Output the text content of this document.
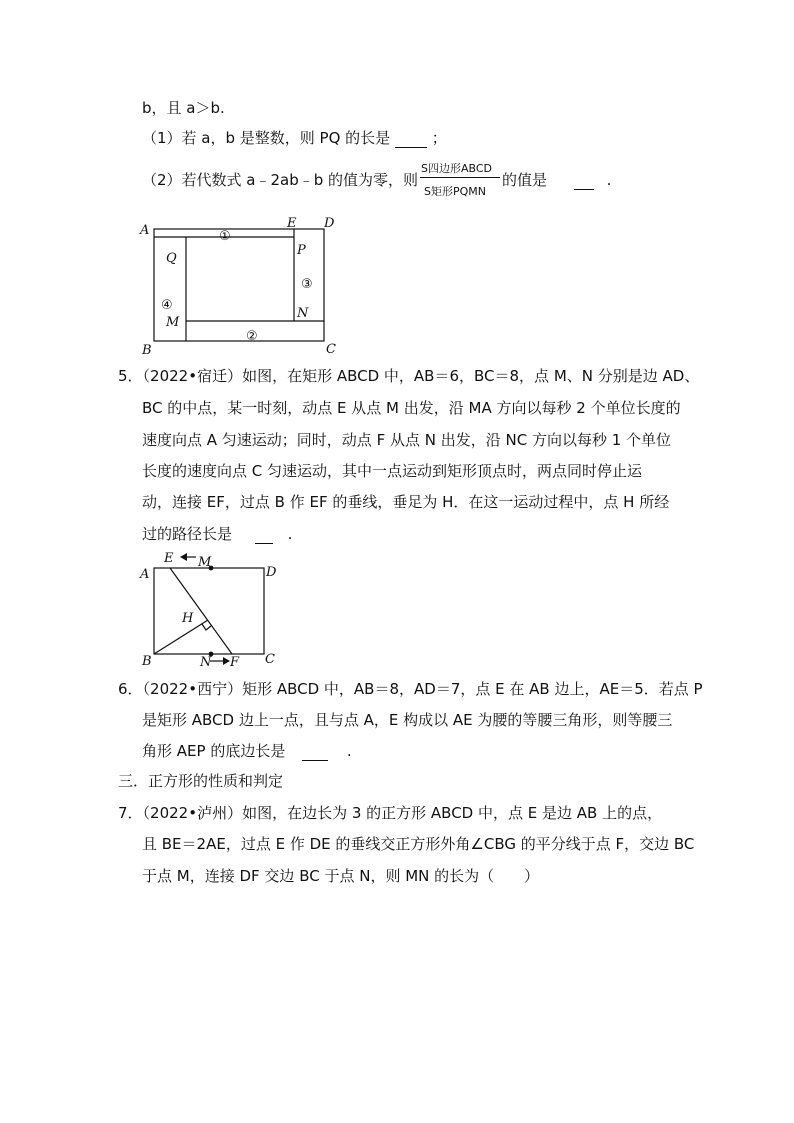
b，且 a＞b.
（1）若 a，b 是整数，则 PQ 的长是	；
（2）若代数式 a﹣2ab﹣b 的值为零，则
S四边形ABCD
S矩形PQMN
的值是	.
A	E D
P
Q
M
N
B	C
①
②
③
④
5．（2022•宿迁）如图，在矩形 ABCD 中，AB＝6，BC＝8，点 M、N 分别是边 AD、
BC 的中点，某一时刻，动点 E 从点 M 出发，沿 MA 方向以每秒 2 个单位长度的
速度向点 A 匀速运动；同时，动点 F 从点 N 出发，沿 NC 方向以每秒 1 个单位
长度的速度向点 C 匀速运动，其中一点运动到矩形顶点时，两点同时停止运
动，连接 EF，过点 B 作 EF 的垂线，垂足为 H．在这一运动过程中，点 H 所经
过的路径长是	.
A
E M
D
H
B	N F C
6．（2022•西宁）矩形 ABCD 中，AB＝8，AD＝7，点 E 在 AB 边上，AE＝5．若点 P
是矩形 ABCD 边上一点，且与点 A，E 构成以 AE 为腰的等腰三角形，则等腰三
角形 AEP 的底边长是	.
三．正方形的性质和判定
7．（2022•泸州）如图，在边长为 3 的正方形 ABCD 中，点 E 是边 AB 上的点，
且 BE＝2AE，过点 E 作 DE 的垂线交正方形外角∠CBG 的平分线于点 F，交边 BC
于点 M，连接 DF 交边 BC 于点 N，则 MN 的长为（　　）
